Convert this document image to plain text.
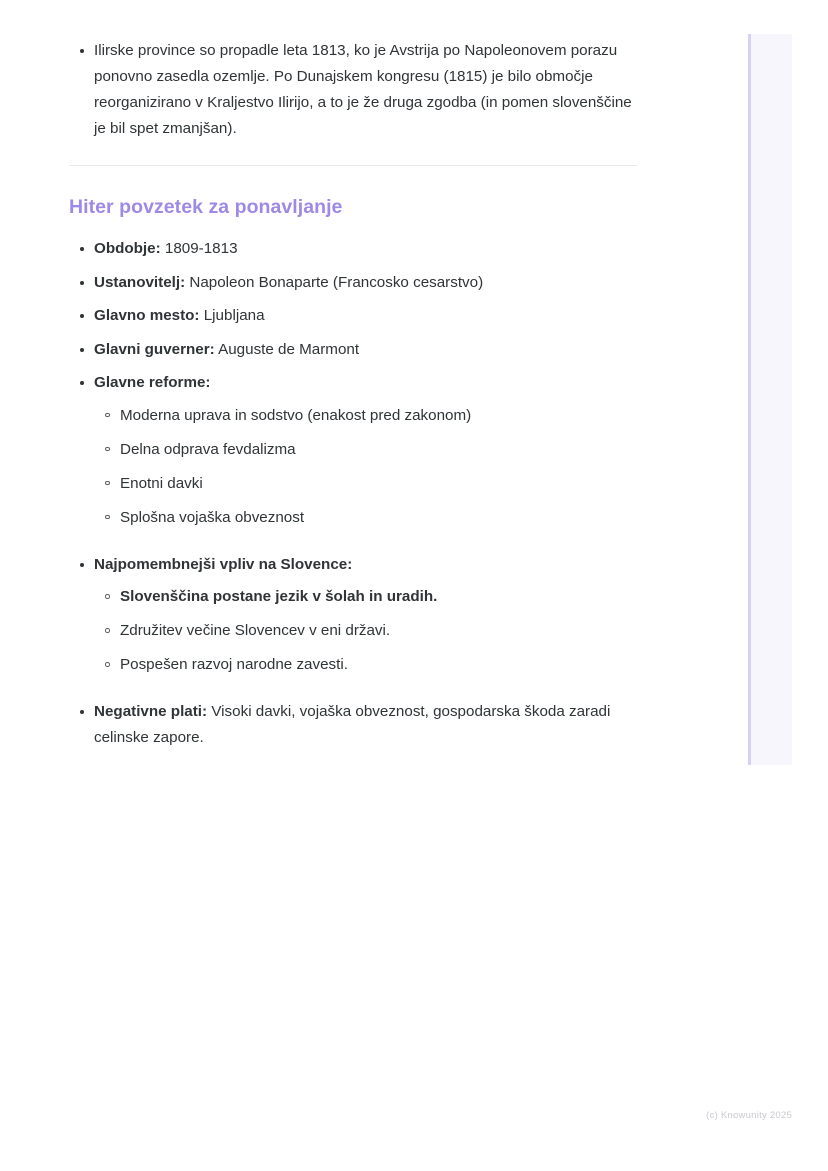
Ilirske province so propadle leta 1813, ko je Avstrija po Napoleonovem porazu ponovno zasedla ozemlje. Po Dunajskem kongresu (1815) je bilo območje reorganizirano v Kraljestvo Ilirijo, a to je že druga zgodba (in pomen slovenščine je bil spet zmanjšan).
Hiter povzetek za ponavljanje
Obdobje: 1809-1813
Ustanovitelj: Napoleon Bonaparte (Francosko cesarstvo)
Glavno mesto: Ljubljana
Glavni guverner: Auguste de Marmont
Glavne reforme:
Moderna uprava in sodstvo (enakost pred zakonom)
Delna odprava fevdalizma
Enotni davki
Splošna vojaška obveznost
Najpomembnejši vpliv na Slovence:
Slovenščina postane jezik v šolah in uradih.
Združitev večine Slovencev v eni državi.
Pospešen razvoj narodne zavesti.
Negativne plati: Visoki davki, vojaška obveznost, gospodarska škoda zaradi celinske zapore.
(c) Knowunity 2025
